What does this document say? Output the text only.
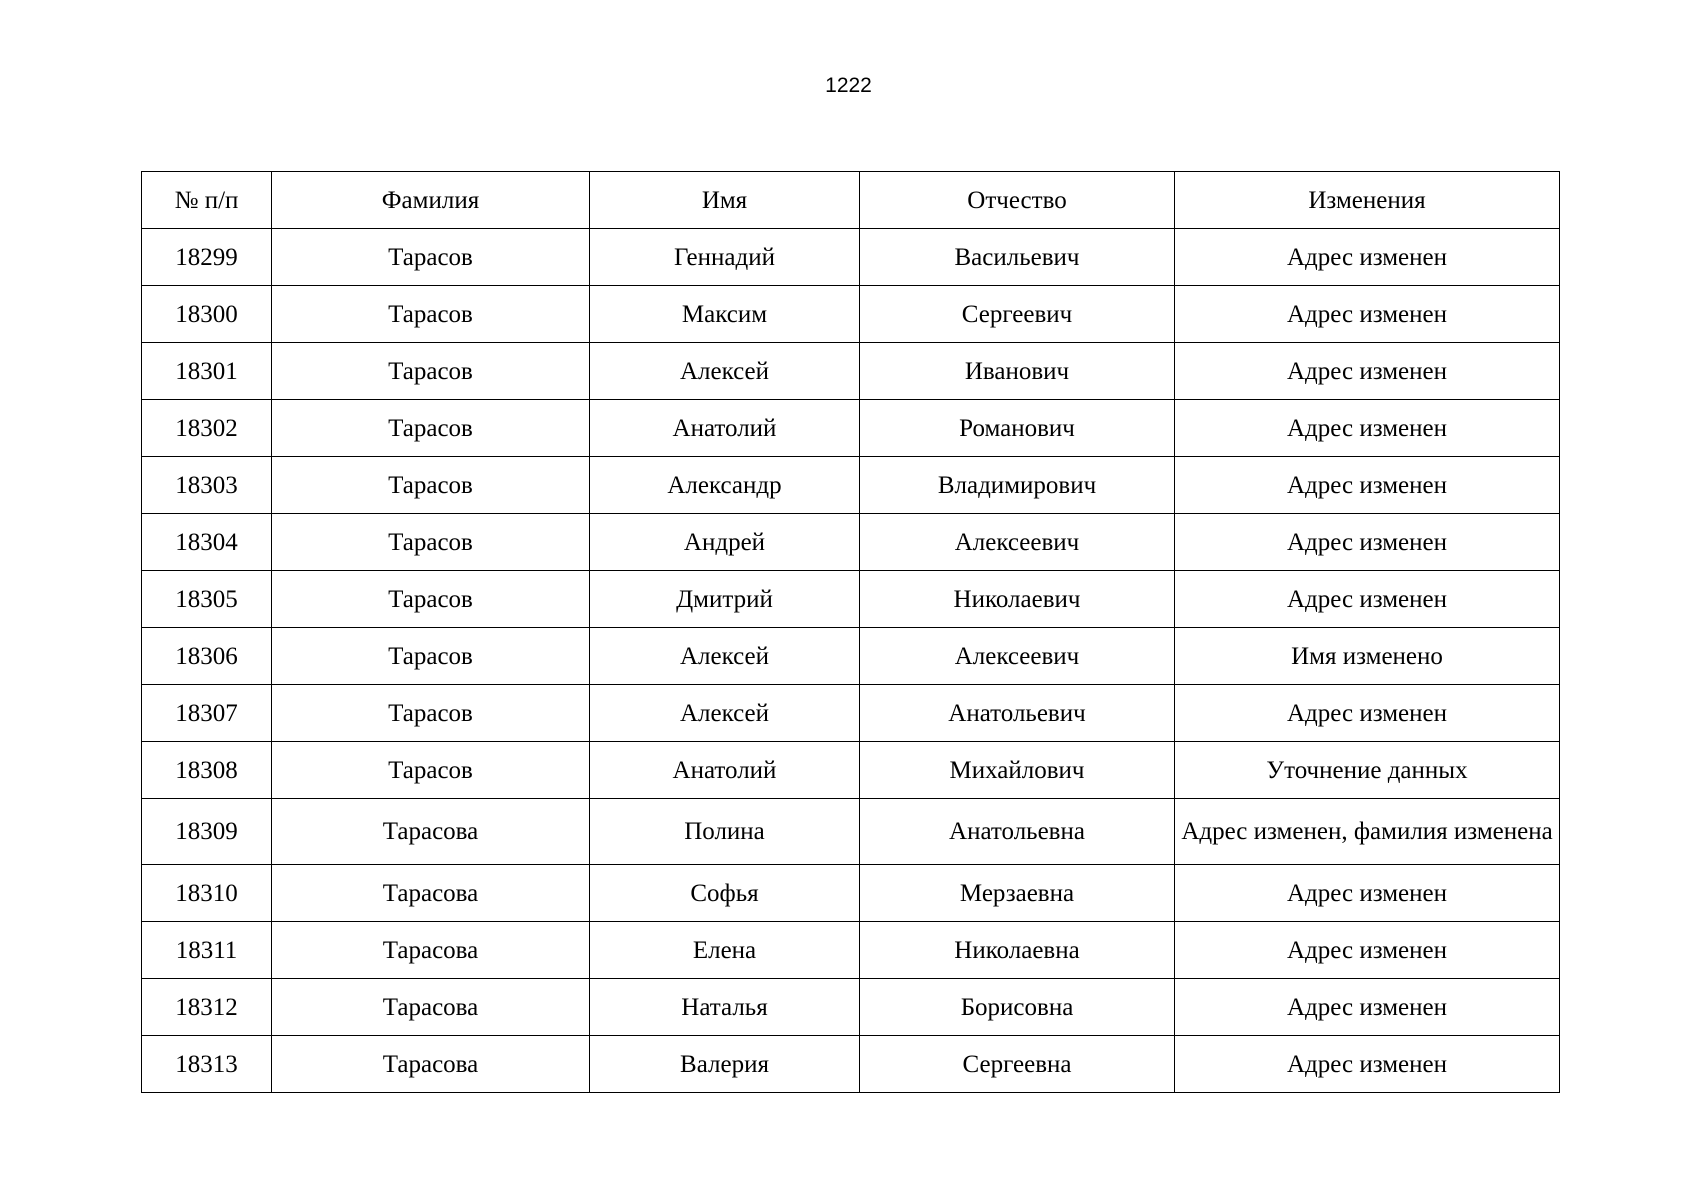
1222
№ п/п	Фамилия	Имя	Отчество	Изменения
18299	Тарасов	Геннадий	Васильевич	Адрес изменен
18300	Тарасов	Максим	Сергеевич	Адрес изменен
18301	Тарасов	Алексей	Иванович	Адрес изменен
18302	Тарасов	Анатолий	Романович	Адрес изменен
18303	Тарасов	Александр	Владимирович	Адрес изменен
18304	Тарасов	Андрей	Алексеевич	Адрес изменен
18305	Тарасов	Дмитрий	Николаевич	Адрес изменен
18306	Тарасов	Алексей	Алексеевич	Имя изменено
18307	Тарасов	Алексей	Анатольевич	Адрес изменен
18308	Тарасов	Анатолий	Михайлович	Уточнение данных
18309	Тарасова	Полина	Анатольевна	Адрес изменен, фамилия изменена
18310	Тарасова	Софья	Мерзаевна	Адрес изменен
18311	Тарасова	Елена	Николаевна	Адрес изменен
18312	Тарасова	Наталья	Борисовна	Адрес изменен
18313	Тарасова	Валерия	Сергеевна	Адрес изменен
